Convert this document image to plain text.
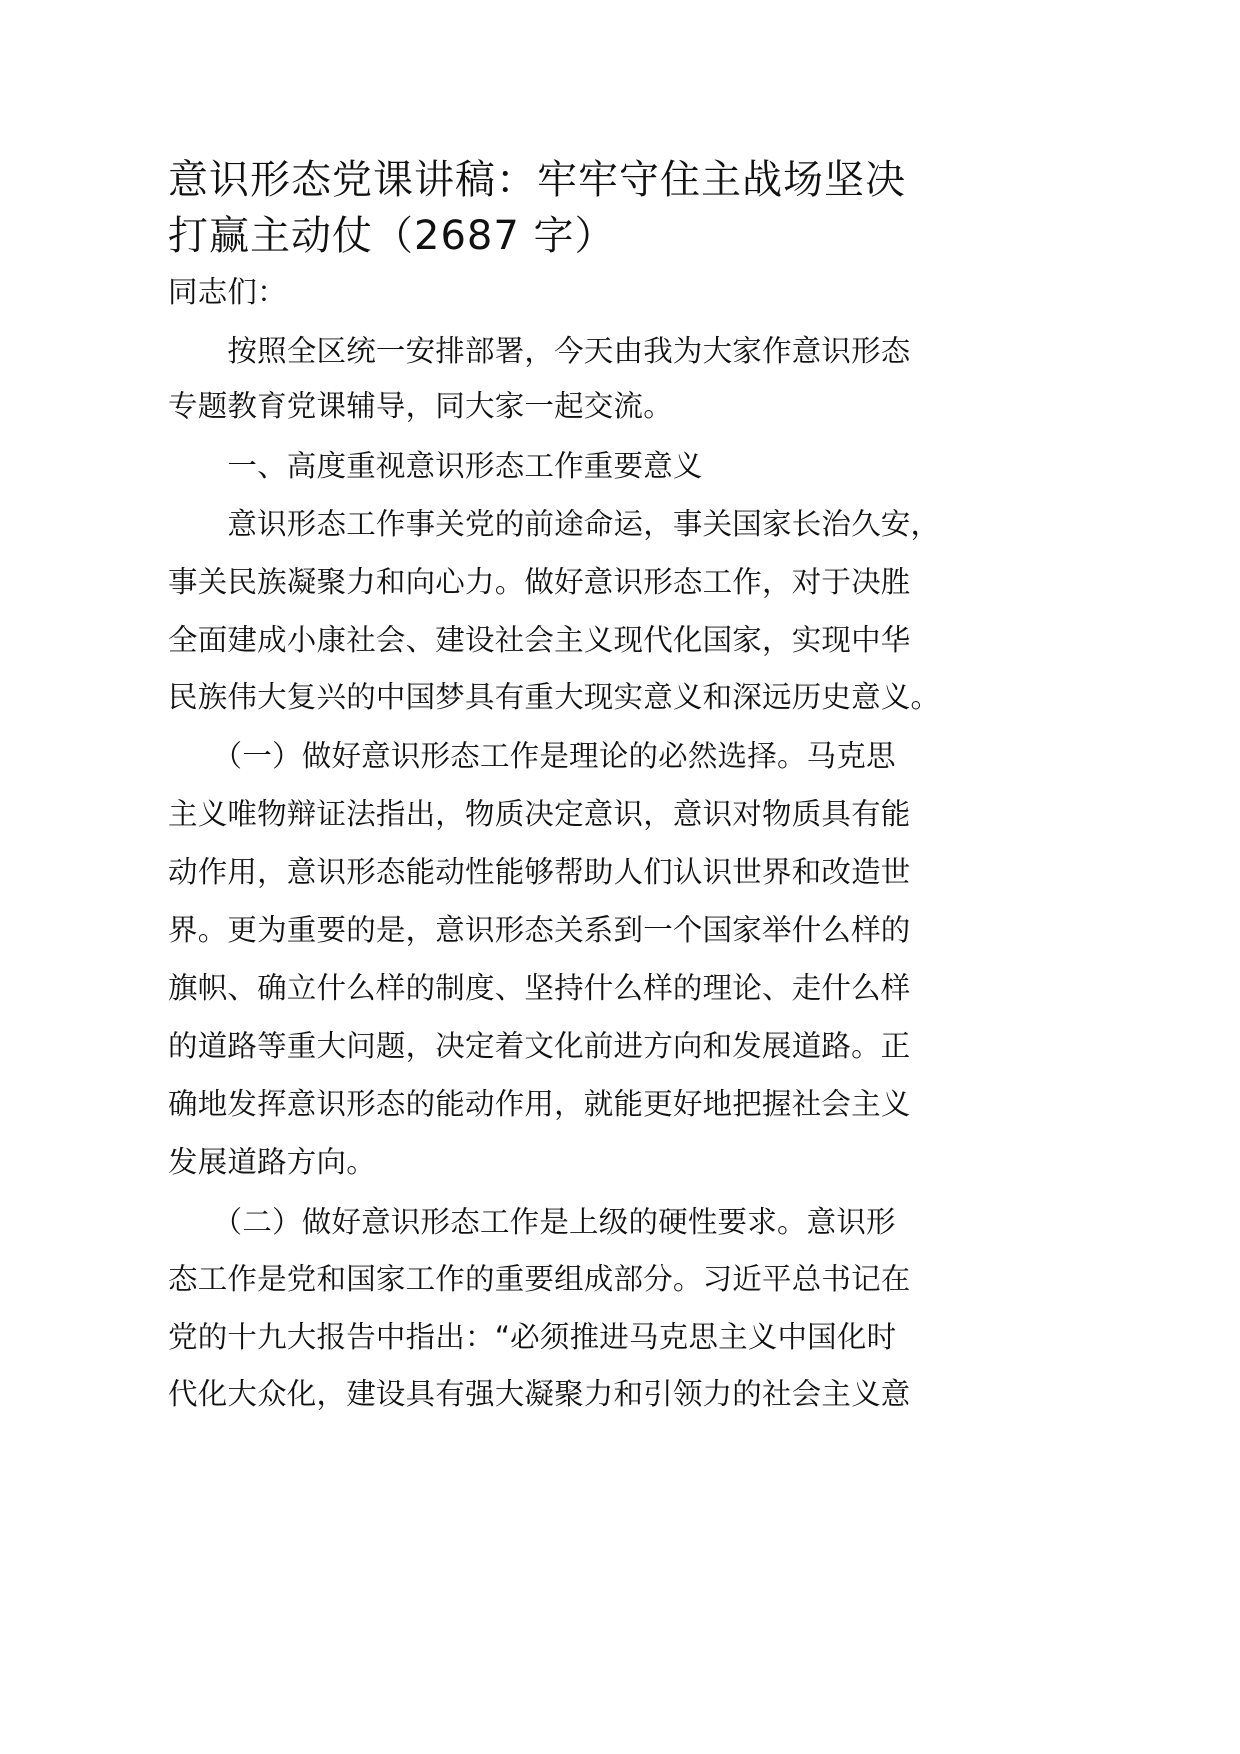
意识形态党课讲稿：牢牢守住主战场坚决
打赢主动仗（2687 字）
同志们：
　　按照全区统一安排部署，今天由我为大家作意识形态
专题教育党课辅导，同大家一起交流。
　　一、高度重视意识形态工作重要意义
　　意识形态工作事关党的前途命运，事关国家长治久安，
事关民族凝聚力和向心力。做好意识形态工作，对于决胜
全面建成小康社会、建设社会主义现代化国家，实现中华
民族伟大复兴的中国梦具有重大现实意义和深远历史意义。
　　（一）做好意识形态工作是理论的必然选择。马克思
主义唯物辩证法指出，物质决定意识，意识对物质具有能
动作用，意识形态能动性能够帮助人们认识世界和改造世
界。更为重要的是，意识形态关系到一个国家举什么样的
旗帜、确立什么样的制度、坚持什么样的理论、走什么样
的道路等重大问题，决定着文化前进方向和发展道路。正
确地发挥意识形态的能动作用，就能更好地把握社会主义
发展道路方向。
　　（二）做好意识形态工作是上级的硬性要求。意识形
态工作是党和国家工作的重要组成部分。习近平总书记在
党的十九大报告中指出：“必须推进马克思主义中国化时
代化大众化，建设具有强大凝聚力和引领力的社会主义意
